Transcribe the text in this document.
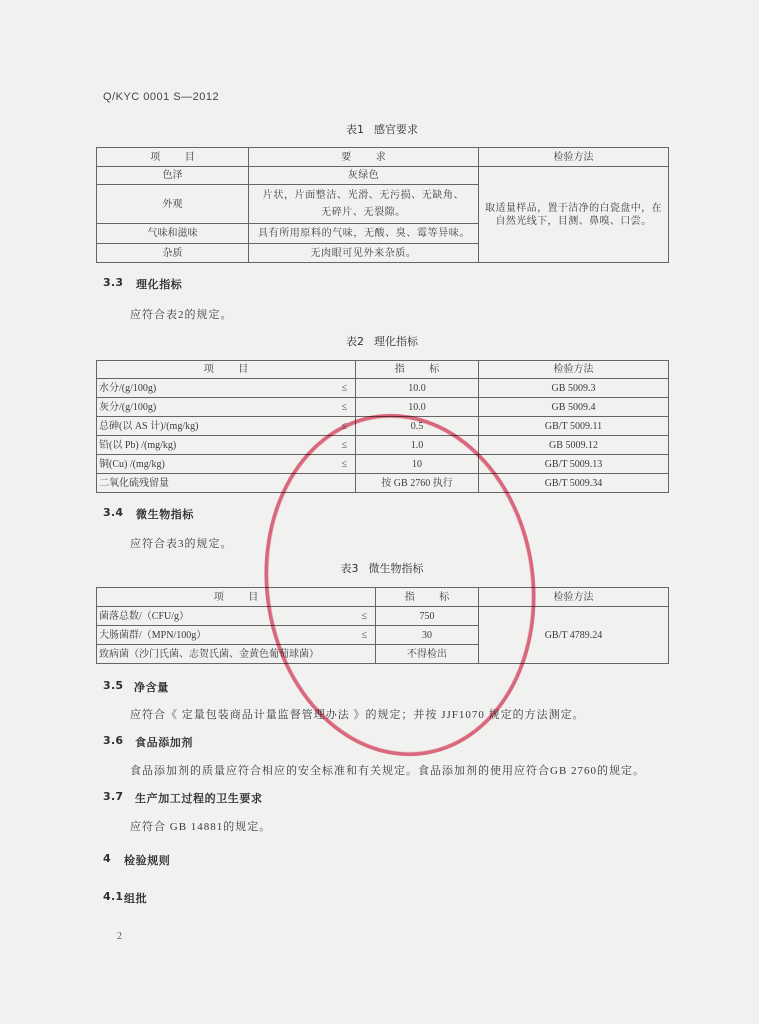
Q/KYC 0001 S—2012
表1 感官要求
项 目	要 求	检验方法
色泽	灰绿色	取适量样品，置于洁净的白瓷盘中，在自然光线下，目测、鼻嗅、口尝。
外观	片状，片面整洁、光滑、无污损、无缺角、无碎片、无裂隙。	
气味和滋味	具有所用原料的气味，无酸、臭、霉等异味。	
杂质	无肉眼可见外来杂质。	
3.3 理化指标
应符合表2的规定。
表2 理化指标
项 目	指 标	检验方法
水分/(g/100g) ≤	10.0	GB 5009.3
灰分/(g/100g) ≤	10.0	GB 5009.4
总砷(以 AS 计)/(mg/kg) ≤	0.5	GB/T 5009.11
铅(以 Pb) /(mg/kg) ≤	1.0	GB 5009.12
铜(Cu) /(mg/kg) ≤	10	GB/T 5009.13
二氧化硫残留量	按 GB 2760 执行	GB/T 5009.34
3.4 微生物指标
应符合表3的规定。
表3 微生物指标
项 目	指 标	检验方法
菌落总数/（CFU/g） ≤	750	GB/T 4789.24
大肠菌群/（MPN/100g） ≤	30	
致病菌（沙门氏菌、志贺氏菌、金黄色葡萄球菌）	不得检出	
3.5 净含量
应符合《 定量包装商品计量监督管理办法 》的规定；并按 JJF1070 规定的方法测定。
3.6 食品添加剂
食品添加剂的质量应符合相应的安全标准和有关规定。食品添加剂的使用应符合GB 2760的规定。
3.7 生产加工过程的卫生要求
应符合 GB 14881的规定。
4 检验规则
4.1 组批
2
